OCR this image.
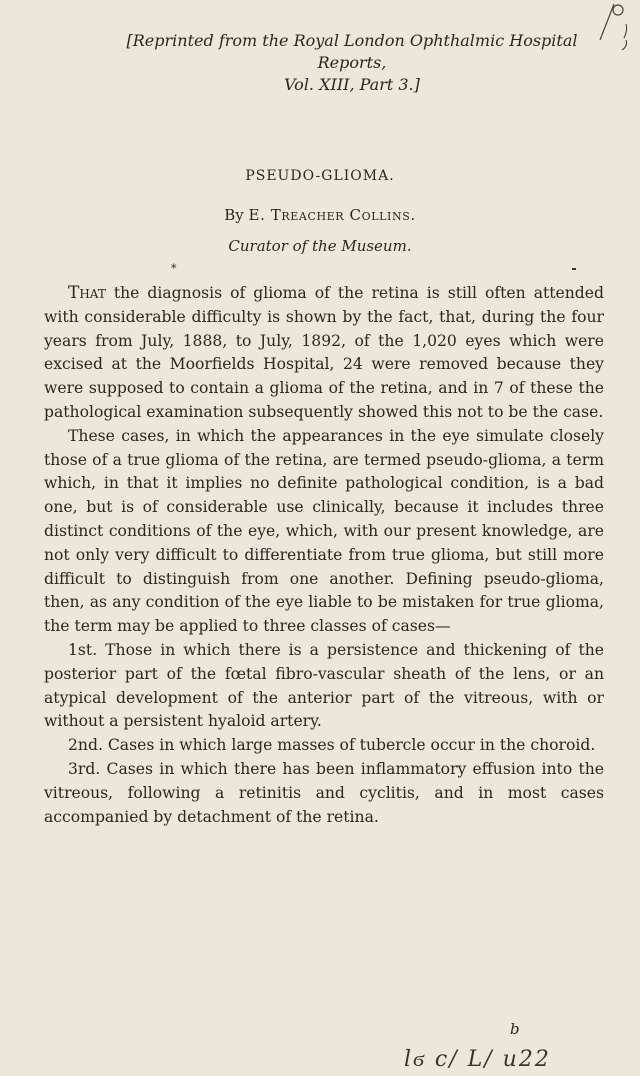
[Reprinted from the Royal London Ophthalmic Hospital Reports,
Vol. XIII, Part 3.]
PSEUDO-GLIOMA.
By E. Treacher Collins.
Curator of the Museum.
*

That the diagnosis of glioma of the retina is still often attended with considerable difficulty is shown by the fact, that, during the four years from July, 1888, to July, 1892, of the 1,020 eyes which were excised at the Moorfields Hospital, 24 were removed because they were supposed to contain a glioma of the retina, and in 7 of these the pathological examination subsequently showed this not to be the case.

These cases, in which the appearances in the eye simulate closely those of a true glioma of the retina, are termed pseudo-glioma, a term which, in that it implies no definite pathological condition, is a bad one, but is of considerable use clinically, because it includes three distinct conditions of the eye, which, with our present knowledge, are not only very difficult to differentiate from true glioma, but still more difficult to distinguish from one another. Defining pseudo-glioma, then, as any condition of the eye liable to be mistaken for true glioma, the term may be applied to three classes of cases—

1st. Those in which there is a persistence and thickening of the posterior part of the fœtal fibro-vascular sheath of the lens, or an atypical development of the anterior part of the vitreous, with or without a persistent hyaloid artery.

2nd. Cases in which large masses of tubercle occur in the choroid.

3rd. Cases in which there has been inflammatory effusion into the vitreous, following a retinitis and cyclitis, and in most cases accompanied by detachment of the retina.

b
lϭ c/ L/ u22
